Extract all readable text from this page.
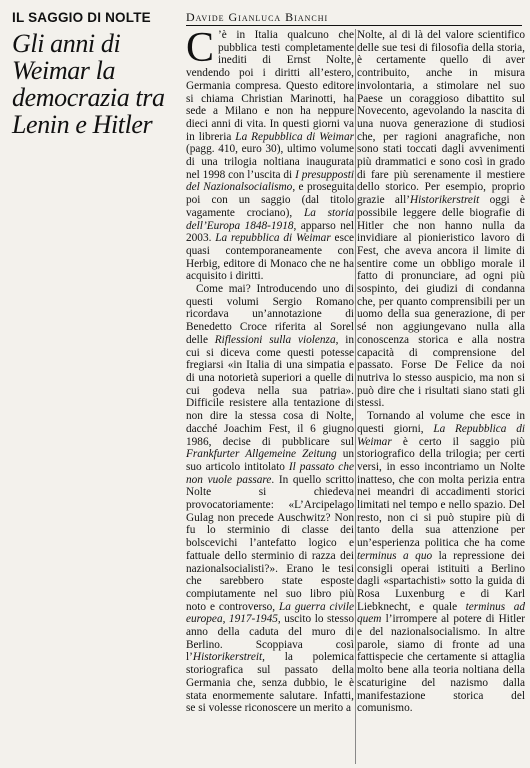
IL SAGGIO DI NOLTE
Gli anni di Weimar la democrazia tra Lenin e Hitler
Davide Gianluca Bianchi

C ’è in Italia qualcuno che pubblica testi completamente inediti di Ernst Nolte, vendendo poi i diritti all’estero, Germania compresa. Questo editore si chiama Christian Marinotti, ha sede a Milano e non ha neppure dieci anni di vita. In questi giorni va in libreria La Repubblica di Weimar (pagg. 410, euro 30), ultimo volume di una trilogia noltiana inaugurata nel 1998 con l’uscita di I presupposti del Nazionalsocialismo, e proseguita poi con un saggio (dal titolo vagamente crociano), La storia dell’Europa 1848-1918, apparso nel 2003. La repubblica di Weimar esce quasi contemporaneamente con Herbig, editore di Monaco che ne ha acquisito i diritti.

Come mai? Introducendo uno di questi volumi Sergio Romano ricordava un’annotazione di Benedetto Croce riferita al Sorel delle Riflessioni sulla violenza, in cui si diceva come questi potesse fregiarsi «in Italia di una simpatia e di una notorietà superiori a quelle di cui godeva nella sua patria». Difficile resistere alla tentazione di non dire la stessa cosa di Nolte, dacché Joachim Fest, il 6 giugno 1986, decise di pubblicare sul Frankfurter Allgemeine Zeitung un suo articolo intitolato Il passato che non vuole passare. In quello scritto Nolte si chiedeva provocatoriamente: «L’Arcipelago Gulag non precede Auschwitz? Non fu lo sterminio di classe dei bolscevichi l’antefatto logico e fattuale dello sterminio di razza dei nazionalsocialisti?». Erano le tesi che sarebbero state esposte compiutamente nel suo libro più noto e controverso, La guerra civile europea, 1917-1945, uscito lo stesso anno della caduta del muro di Berlino. Scoppiava così l’Historikerstreit, la polemica storiografica sul passato della Germania che, senza dubbio, le è stata enormemente salutare. Infatti, se si volesse riconoscere un merito a

Nolte, al di là del valore scientifico delle sue tesi di filosofia della storia, è certamente quello di aver contribuito, anche in misura involontaria, a stimolare nel suo Paese un coraggioso dibattito sul Novecento, agevolando la nascita di una nuova generazione di studiosi che, per ragioni anagrafiche, non sono stati toccati dagli avvenimenti più drammatici e sono così in grado di fare più serenamente il mestiere dello storico. Per esempio, proprio grazie all’Historikerstreit oggi è possibile leggere delle biografie di Hitler che non hanno nulla da invidiare al pionieristico lavoro di Fest, che aveva ancora il limite di sentire come un obbligo morale il fatto di pronunciare, ad ogni più sospinto, dei giudizi di condanna che, per quanto comprensibili per un uomo della sua generazione, di per sé non aggiungevano nulla alla conoscenza storica e alla nostra capacità di comprensione del passato. Forse De Felice da noi nutriva lo stesso auspicio, ma non si può dire che i risultati siano stati gli stessi.

Tornando al volume che esce in questi giorni, La Repubblica di Weimar è certo il saggio più storiografico della trilogia; per certi versi, in esso incontriamo un Nolte inatteso, che con molta perizia entra nei meandri di accadimenti storici limitati nel tempo e nello spazio. Del resto, non ci si può stupire più di tanto della sua attenzione per un’esperienza politica che ha come terminus a quo la repressione dei consigli operai istituiti a Berlino dagli «spartachisti» sotto la guida di Rosa Luxenburg e di Karl Liebknecht, e quale terminus ad quem l’irrompere al potere di Hitler e del nazionalsocialismo. In altre parole, siamo di fronte ad una fattispecie che certamente si attaglia molto bene alla teoria noltiana della scaturigine del nazismo dalla manifestazione storica del comunismo.
